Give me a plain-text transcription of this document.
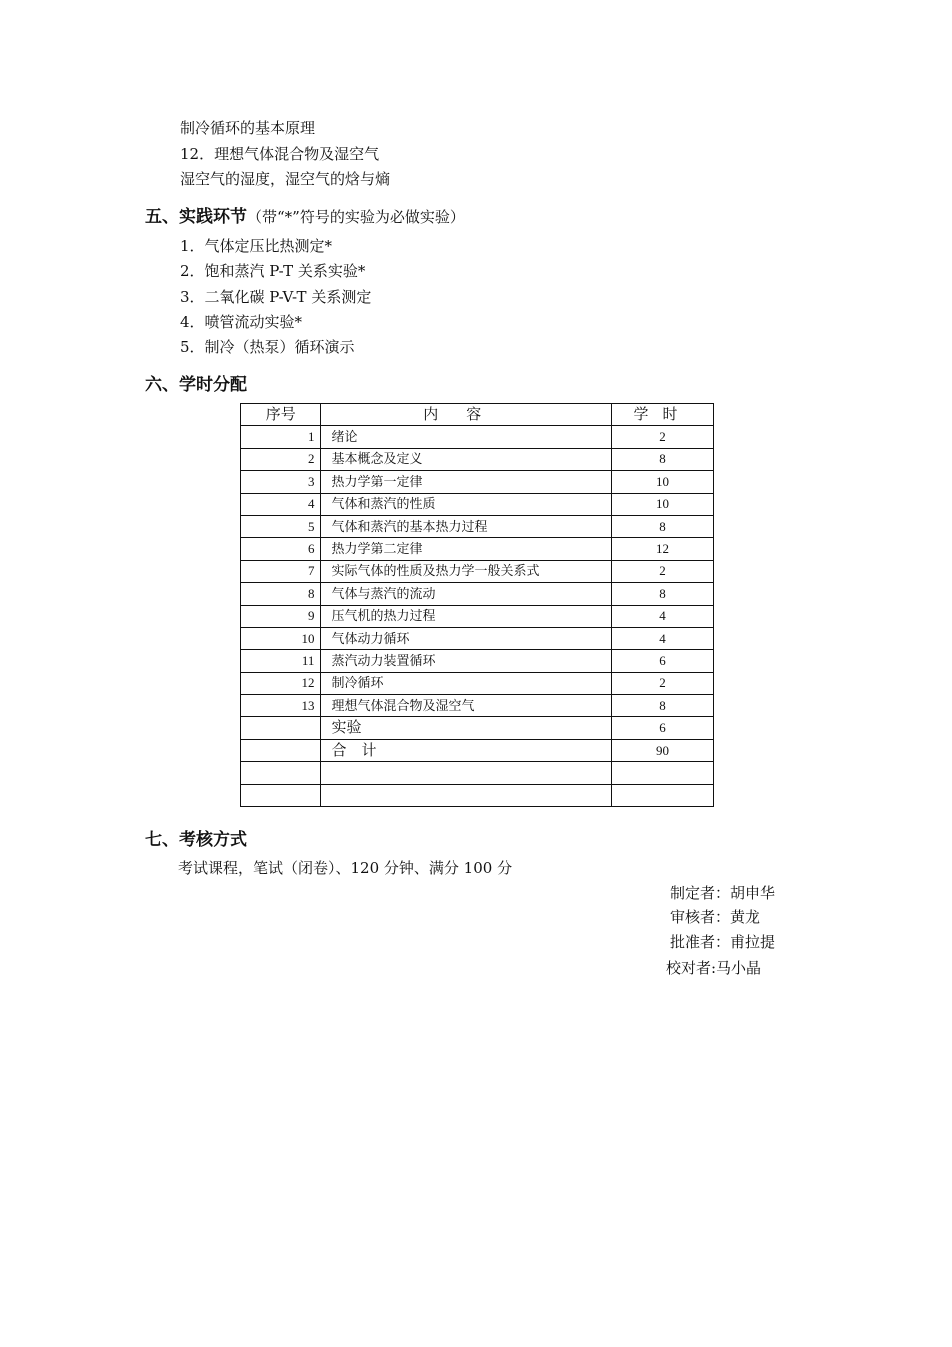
制冷循环的基本原理
12．理想气体混合物及湿空气
湿空气的湿度，湿空气的焓与熵
五、实践环节（带“*”符号的实验为必做实验）
1．气体定压比热测定*
2．饱和蒸汽 P-T 关系实验*
3．二氧化碳 P-V-T 关系测定
4．喷管流动实验*
5．制冷（热泵）循环演示
六、学时分配
序号	内容	学时
1	绪论	2
2	基本概念及定义	8
3	热力学第一定律	10
4	气体和蒸汽的性质	10
5	气体和蒸汽的基本热力过程	8
6	热力学第二定律	12
7	实际气体的性质及热力学一般关系式	2
8	气体与蒸汽的流动	8
9	压气机的热力过程	4
10	气体动力循环	4
11	蒸汽动力装置循环	6
12	制冷循环	2
13	理想气体混合物及湿空气	8
	实验	6
	合　计	90

七、考核方式
考试课程，笔试（闭卷）、120 分钟、满分 100 分
制定者：胡申华
审核者：黄龙
批准者：甫拉提
校对者:马小晶
